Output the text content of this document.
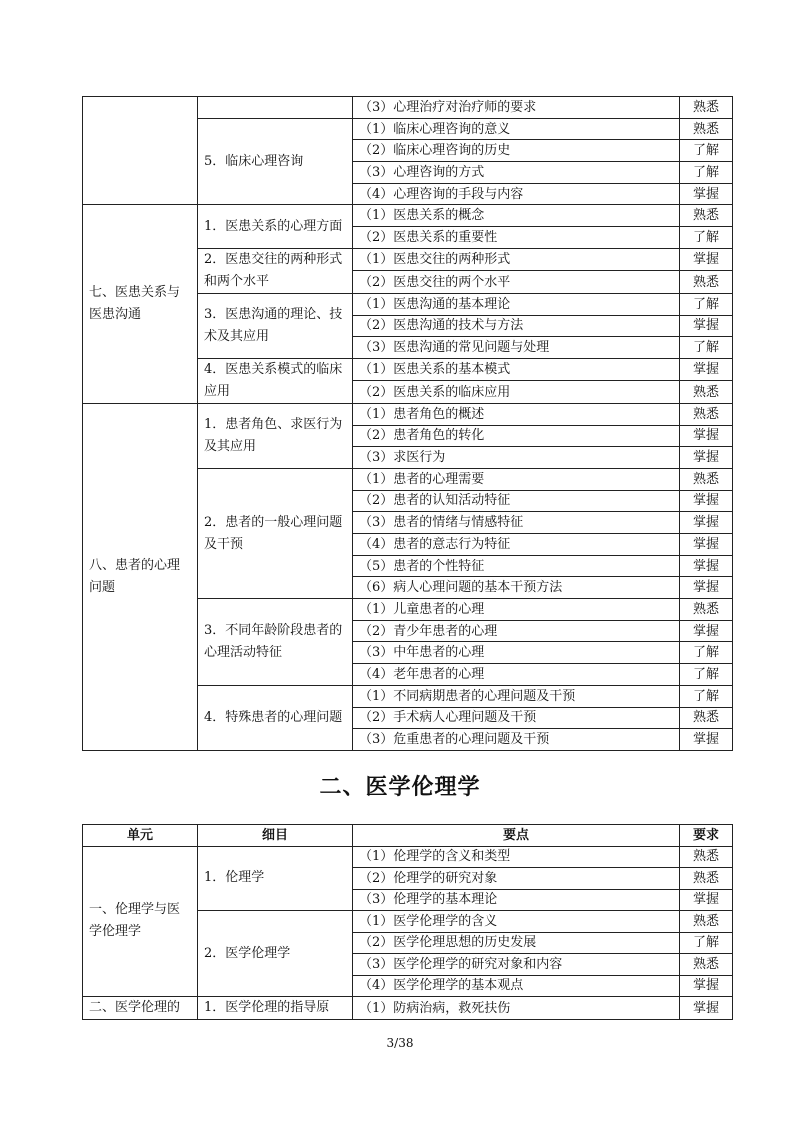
		（3）心理治疗对治疗师的要求	熟悉
	5．临床心理咨询	（1）临床心理咨询的意义	熟悉
		（2）临床心理咨询的历史	了解
		（3）心理咨询的方式	了解
		（4）心理咨询的手段与内容	掌握
七、医患关系与医患沟通	1．医患关系的心理方面	（1）医患关系的概念	熟悉
		（2）医患关系的重要性	了解
	2．医患交往的两种形式和两个水平	（1）医患交往的两种形式	掌握
		（2）医患交往的两个水平	熟悉
	3．医患沟通的理论、技术及其应用	（1）医患沟通的基本理论	了解
		（2）医患沟通的技术与方法	掌握
		（3）医患沟通的常见问题与处理	了解
	4．医患关系模式的临床应用	（1）医患关系的基本模式	掌握
		（2）医患关系的临床应用	熟悉
八、患者的心理问题	1．患者角色、求医行为及其应用	（1）患者角色的概述	熟悉
		（2）患者角色的转化	掌握
		（3）求医行为	掌握
	2．患者的一般心理问题及干预	（1）患者的心理需要	熟悉
		（2）患者的认知活动特征	掌握
		（3）患者的情绪与情感特征	掌握
		（4）患者的意志行为特征	掌握
		（5）患者的个性特征	掌握
		（6）病人心理问题的基本干预方法	掌握
	3．不同年龄阶段患者的心理活动特征	（1）儿童患者的心理	熟悉
		（2）青少年患者的心理	掌握
		（3）中年患者的心理	了解
		（4）老年患者的心理	了解
	4．特殊患者的心理问题	（1）不同病期患者的心理问题及干预	了解
		（2）手术病人心理问题及干预	熟悉
		（3）危重患者的心理问题及干预	掌握
二、医学伦理学
单元	细目	要点	要求
一、伦理学与医学伦理学	1．伦理学	（1）伦理学的含义和类型	熟悉
		（2）伦理学的研究对象	熟悉
		（3）伦理学的基本理论	掌握
	2．医学伦理学	（1）医学伦理学的含义	熟悉
		（2）医学伦理思想的历史发展	了解
		（3）医学伦理学的研究对象和内容	熟悉
		（4）医学伦理学的基本观点	掌握
二、医学伦理的	1．医学伦理的指导原	（1）防病治病，救死扶伤	掌握
3/38
